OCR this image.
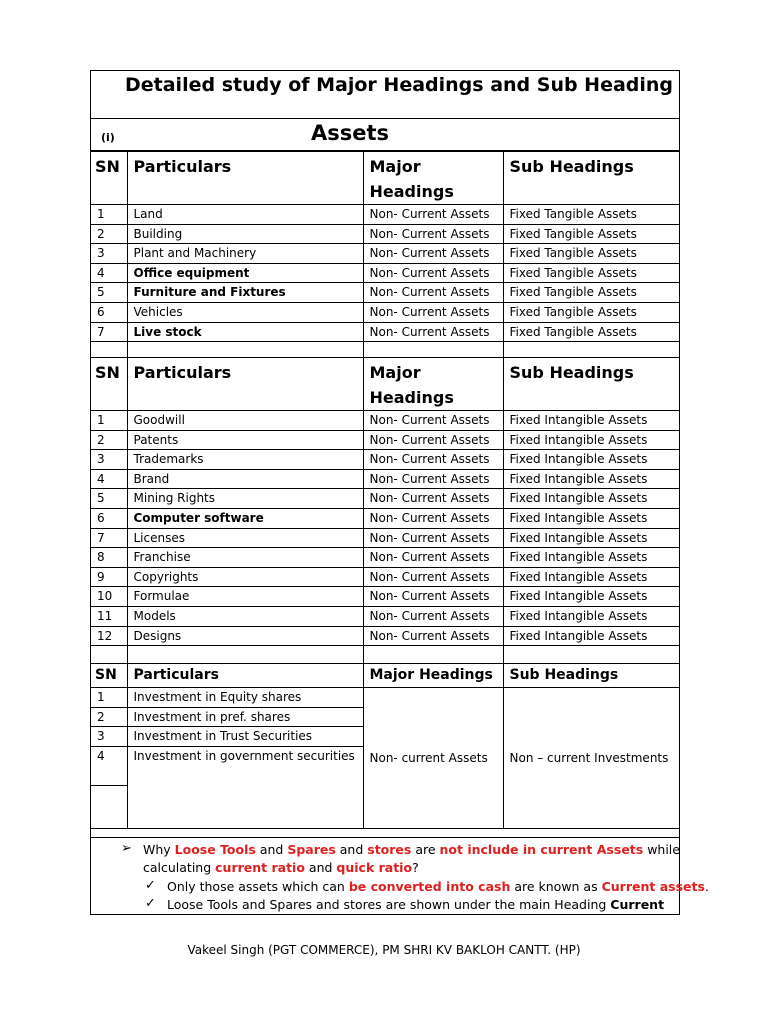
Detailed study of Major Headings and Sub Heading
(i)	Assets
SN	Particulars	Major Headings	Sub Headings
1	Land	Non- Current Assets	Fixed Tangible Assets
2	Building	Non- Current Assets	Fixed Tangible Assets
3	Plant and Machinery	Non- Current Assets	Fixed Tangible Assets
4	Office equipment	Non- Current Assets	Fixed Tangible Assets
5	Furniture and Fixtures	Non- Current Assets	Fixed Tangible Assets
6	Vehicles	Non- Current Assets	Fixed Tangible Assets
7	Live stock	Non- Current Assets	Fixed Tangible Assets

SN	Particulars	Major Headings	Sub Headings
1	Goodwill	Non- Current Assets	Fixed Intangible Assets
2	Patents	Non- Current Assets	Fixed Intangible Assets
3	Trademarks	Non- Current Assets	Fixed Intangible Assets
4	Brand	Non- Current Assets	Fixed Intangible Assets
5	Mining Rights	Non- Current Assets	Fixed Intangible Assets
6	Computer software	Non- Current Assets	Fixed Intangible Assets
7	Licenses	Non- Current Assets	Fixed Intangible Assets
8	Franchise	Non- Current Assets	Fixed Intangible Assets
9	Copyrights	Non- Current Assets	Fixed Intangible Assets
10	Formulae	Non- Current Assets	Fixed Intangible Assets
11	Models	Non- Current Assets	Fixed Intangible Assets
12	Designs	Non- Current Assets	Fixed Intangible Assets

SN	Particulars	Major Headings	Sub Headings
1	Investment in Equity shares	Non- current Assets	Non – current Investments
2	Investment in pref. shares		
3	Investment in Trust Securities		
4	Investment in government securities		

➢ Why Loose Tools and Spares and stores are not include in current Assets while
calculating current ratio and quick ratio?
✓ Only those assets which can be converted into cash are known as Current assets.
✓ Loose Tools and Spares and stores are shown under the main Heading Current
Vakeel Singh (PGT COMMERCE), PM SHRI KV BAKLOH CANTT. (HP)
